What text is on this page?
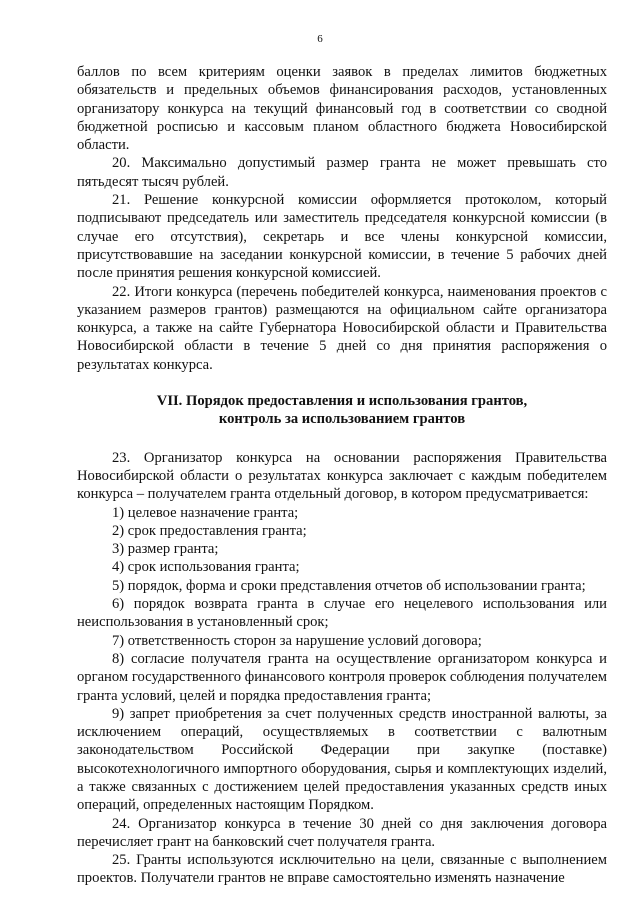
6

баллов по всем критериям оценки заявок в пределах лимитов бюджетных обязательств и предельных объемов финансирования расходов, установленных организатору конкурса на текущий финансовый год в соответствии со сводной бюджетной росписью и кассовым планом областного бюджета Новосибирской области.

20. Максимально допустимый размер гранта не может превышать сто пятьдесят тысяч рублей.

21. Решение конкурсной комиссии оформляется протоколом, который подписывают председатель или заместитель председателя конкурсной комиссии (в случае его отсутствия), секретарь и все члены конкурсной комиссии, присутствовавшие на заседании конкурсной комиссии, в течение 5 рабочих дней после принятия решения конкурсной комиссией.

22. Итоги конкурса (перечень победителей конкурса, наименования проектов с указанием размеров грантов) размещаются на официальном сайте организатора конкурса, а также на сайте Губернатора Новосибирской области и Правительства Новосибирской области в течение 5 дней со дня принятия распоряжения о результатах конкурса.

VII. Порядок предоставления и использования грантов,
контроль за использованием грантов

23. Организатор конкурса на основании распоряжения Правительства Новосибирской области о результатах конкурса заключает с каждым победителем конкурса – получателем гранта отдельный договор, в котором предусматривается:

1) целевое назначение гранта;

2) срок предоставления гранта;

3) размер гранта;

4) срок использования гранта;

5) порядок, форма и сроки представления отчетов об использовании гранта;

6) порядок возврата гранта в случае его нецелевого использования или неиспользования в установленный срок;

7) ответственность сторон за нарушение условий договора;

8) согласие получателя гранта на осуществление организатором конкурса и органом государственного финансового контроля проверок соблюдения получателем гранта условий, целей и порядка предоставления гранта;

9) запрет приобретения за счет полученных средств иностранной валюты, за исключением операций, осуществляемых в соответствии с валютным законодательством Российской Федерации при закупке (поставке) высокотехнологичного импортного оборудования, сырья и комплектующих изделий, а также связанных с достижением целей предоставления указанных средств иных операций, определенных настоящим Порядком.

24. Организатор конкурса в течение 30 дней со дня заключения договора перечисляет грант на банковский счет получателя гранта.

25. Гранты используются исключительно на цели, связанные с выполнением проектов. Получатели грантов не вправе самостоятельно изменять назначение
